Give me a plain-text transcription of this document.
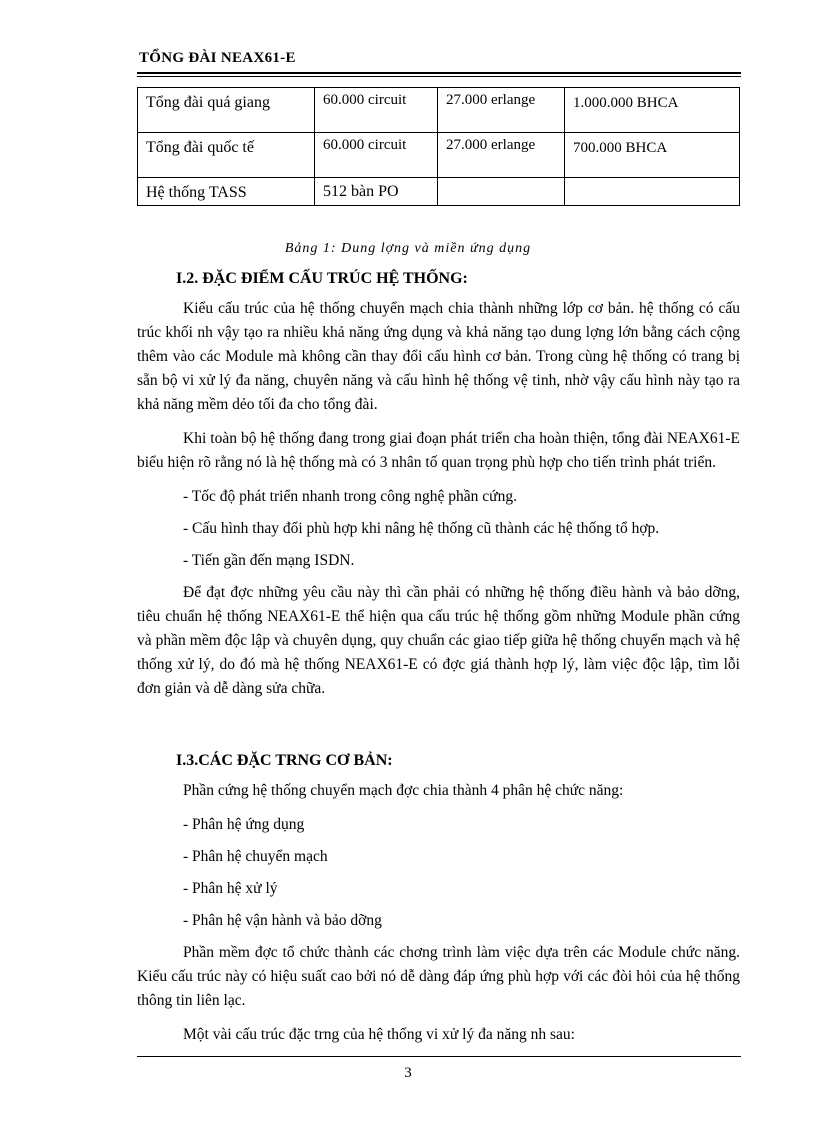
TỔNG ĐÀI NEAX61-E
Tổng đài quá giang	60.000 circuit	27.000 erlange	1.000.000 BHCA
Tổng đài quốc tế	60.000 circuit	27.000 erlange	700.000 BHCA
Hệ thống TASS	512 bàn PO		
Bảng 1: Dung lợng và miền ứng dụng
I.2. ĐẶC ĐIỂM CẤU TRÚC HỆ THỐNG:

Kiểu cấu trúc của hệ thống chuyển mạch chia thành những lớp cơ bản. hệ thống có cấu trúc khối nh vậy tạo ra nhiều khả năng ứng dụng và khả năng tạo dung lợng lớn bằng cách cộng thêm vào các Module mà không cần thay đổi cấu hình cơ bản. Trong cùng hệ thống có trang bị sẵn bộ vi xử lý đa năng, chuyên năng và cấu hình hệ thống vệ tinh, nhờ vậy cấu hình này tạo ra khả năng mềm dẻo tối đa cho tổng đài.

Khi toàn bộ hệ thống đang trong giai đoạn phát triển cha hoàn thiện, tổng đài NEAX61-E biểu hiện rõ rằng nó là hệ thống mà có 3 nhân tố quan trọng phù hợp cho tiến trình phát triển.

- Tốc độ phát triển nhanh trong công nghệ phần cứng.
- Cấu hình thay đổi phù hợp khi nâng hệ thống cũ thành các hệ thống tổ hợp.
- Tiến gần đến mạng ISDN.

Để đạt đợc những yêu cầu này thì cần phải có những hệ thống điều hành và bảo dỡng, tiêu chuẩn hệ thống NEAX61-E thể hiện qua cấu trúc hệ thống gồm những Module phần cứng và phần mềm độc lập và chuyên dụng, quy chuẩn các giao tiếp giữa hệ thống chuyển mạch và hệ thống xử lý, do đó mà hệ thống NEAX61-E có đợc giá thành hợp lý, làm việc độc lập, tìm lỗi đơn giản và dễ dàng sửa chữa.

I.3.CÁC ĐẶC TRNG CƠ BẢN:

Phần cứng hệ thống chuyển mạch đợc chia thành 4 phân hệ chức năng:

- Phân hệ ứng dụng
- Phân hệ chuyển mạch
- Phân hệ xử lý
- Phân hệ vận hành và bảo dỡng

Phần mềm đợc tổ chức thành các chơng trình làm việc dựa trên các Module chức năng. Kiểu cấu trúc này có hiệu suất cao bởi nó dễ dàng đáp ứng phù hợp với các đòi hỏi của hệ thống thông tin liên lạc.

Một vài cấu trúc đặc trng của hệ thống vi xử lý đa năng nh sau:

3
